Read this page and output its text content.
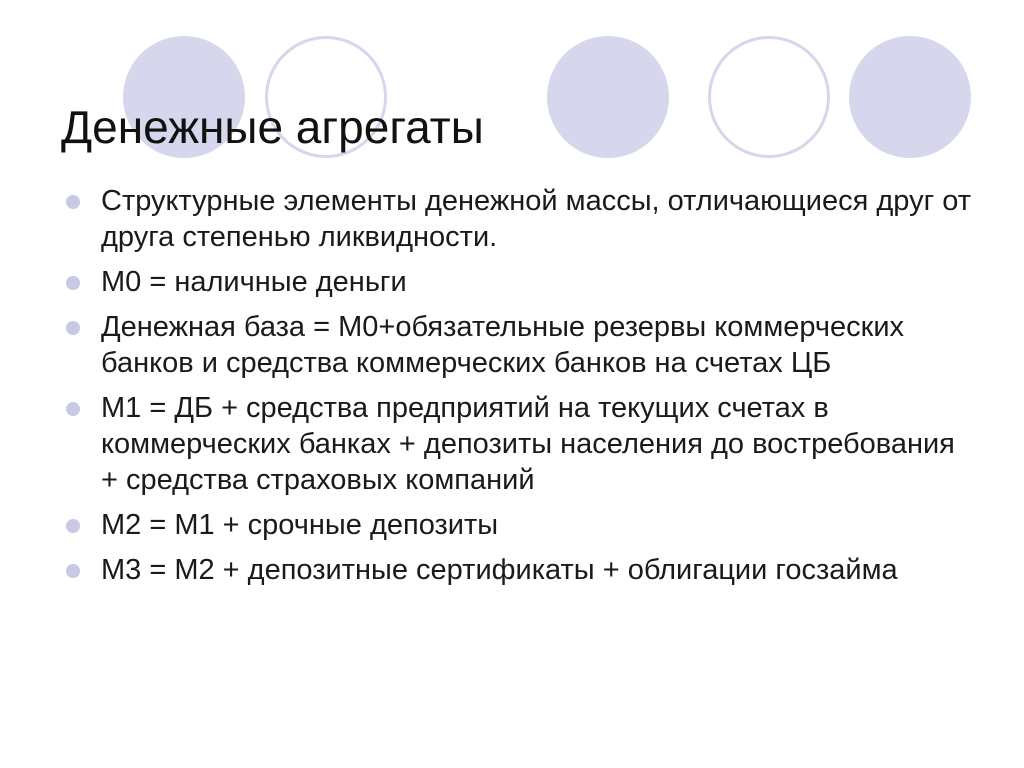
Денежные агрегаты
Структурные элементы денежной массы, отличающиеся друг от друга степенью ликвидности.
М0 = наличные деньги
Денежная база = М0+обязательные резервы коммерческих банков и средства коммерческих банков на счетах ЦБ
М1 = ДБ + средства предприятий на текущих счетах в коммерческих банках + депозиты населения до востребования + средства страховых компаний
М2 = М1 + срочные депозиты
М3 = М2 + депозитные сертификаты + облигации госзайма
